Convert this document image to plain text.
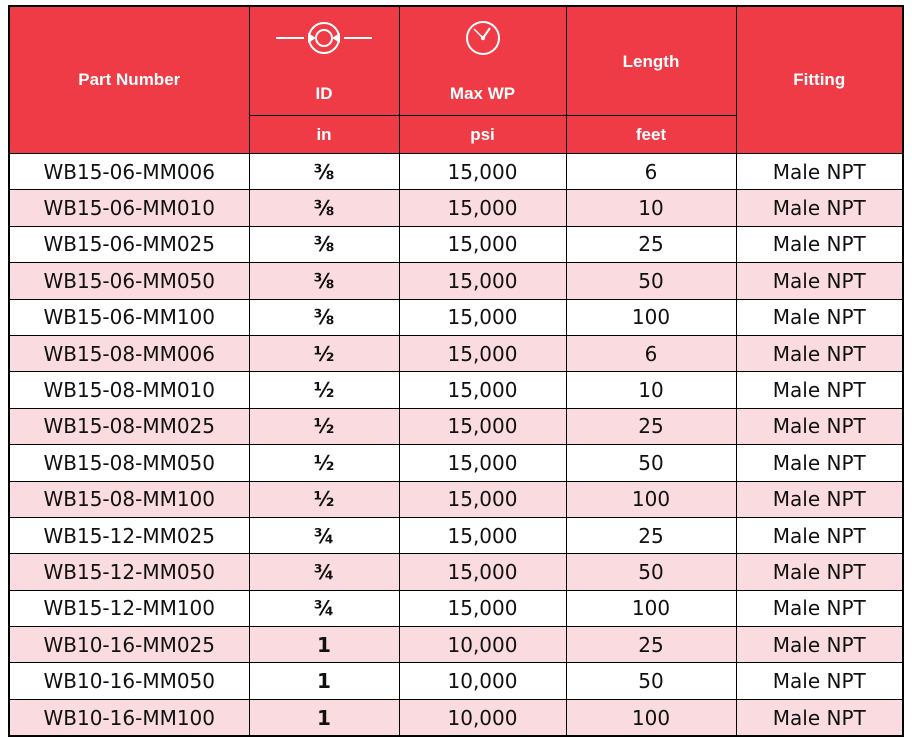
Part Number	ID	Max WP	Length	Fitting
	in	psi	feet	
WB15-06-MM006	⅜	15,000	6	Male NPT
WB15-06-MM010	⅜	15,000	10	Male NPT
WB15-06-MM025	⅜	15,000	25	Male NPT
WB15-06-MM050	⅜	15,000	50	Male NPT
WB15-06-MM100	⅜	15,000	100	Male NPT
WB15-08-MM006	½	15,000	6	Male NPT
WB15-08-MM010	½	15,000	10	Male NPT
WB15-08-MM025	½	15,000	25	Male NPT
WB15-08-MM050	½	15,000	50	Male NPT
WB15-08-MM100	½	15,000	100	Male NPT
WB15-12-MM025	¾	15,000	25	Male NPT
WB15-12-MM050	¾	15,000	50	Male NPT
WB15-12-MM100	¾	15,000	100	Male NPT
WB10-16-MM025	1	10,000	25	Male NPT
WB10-16-MM050	1	10,000	50	Male NPT
WB10-16-MM100	1	10,000	100	Male NPT
